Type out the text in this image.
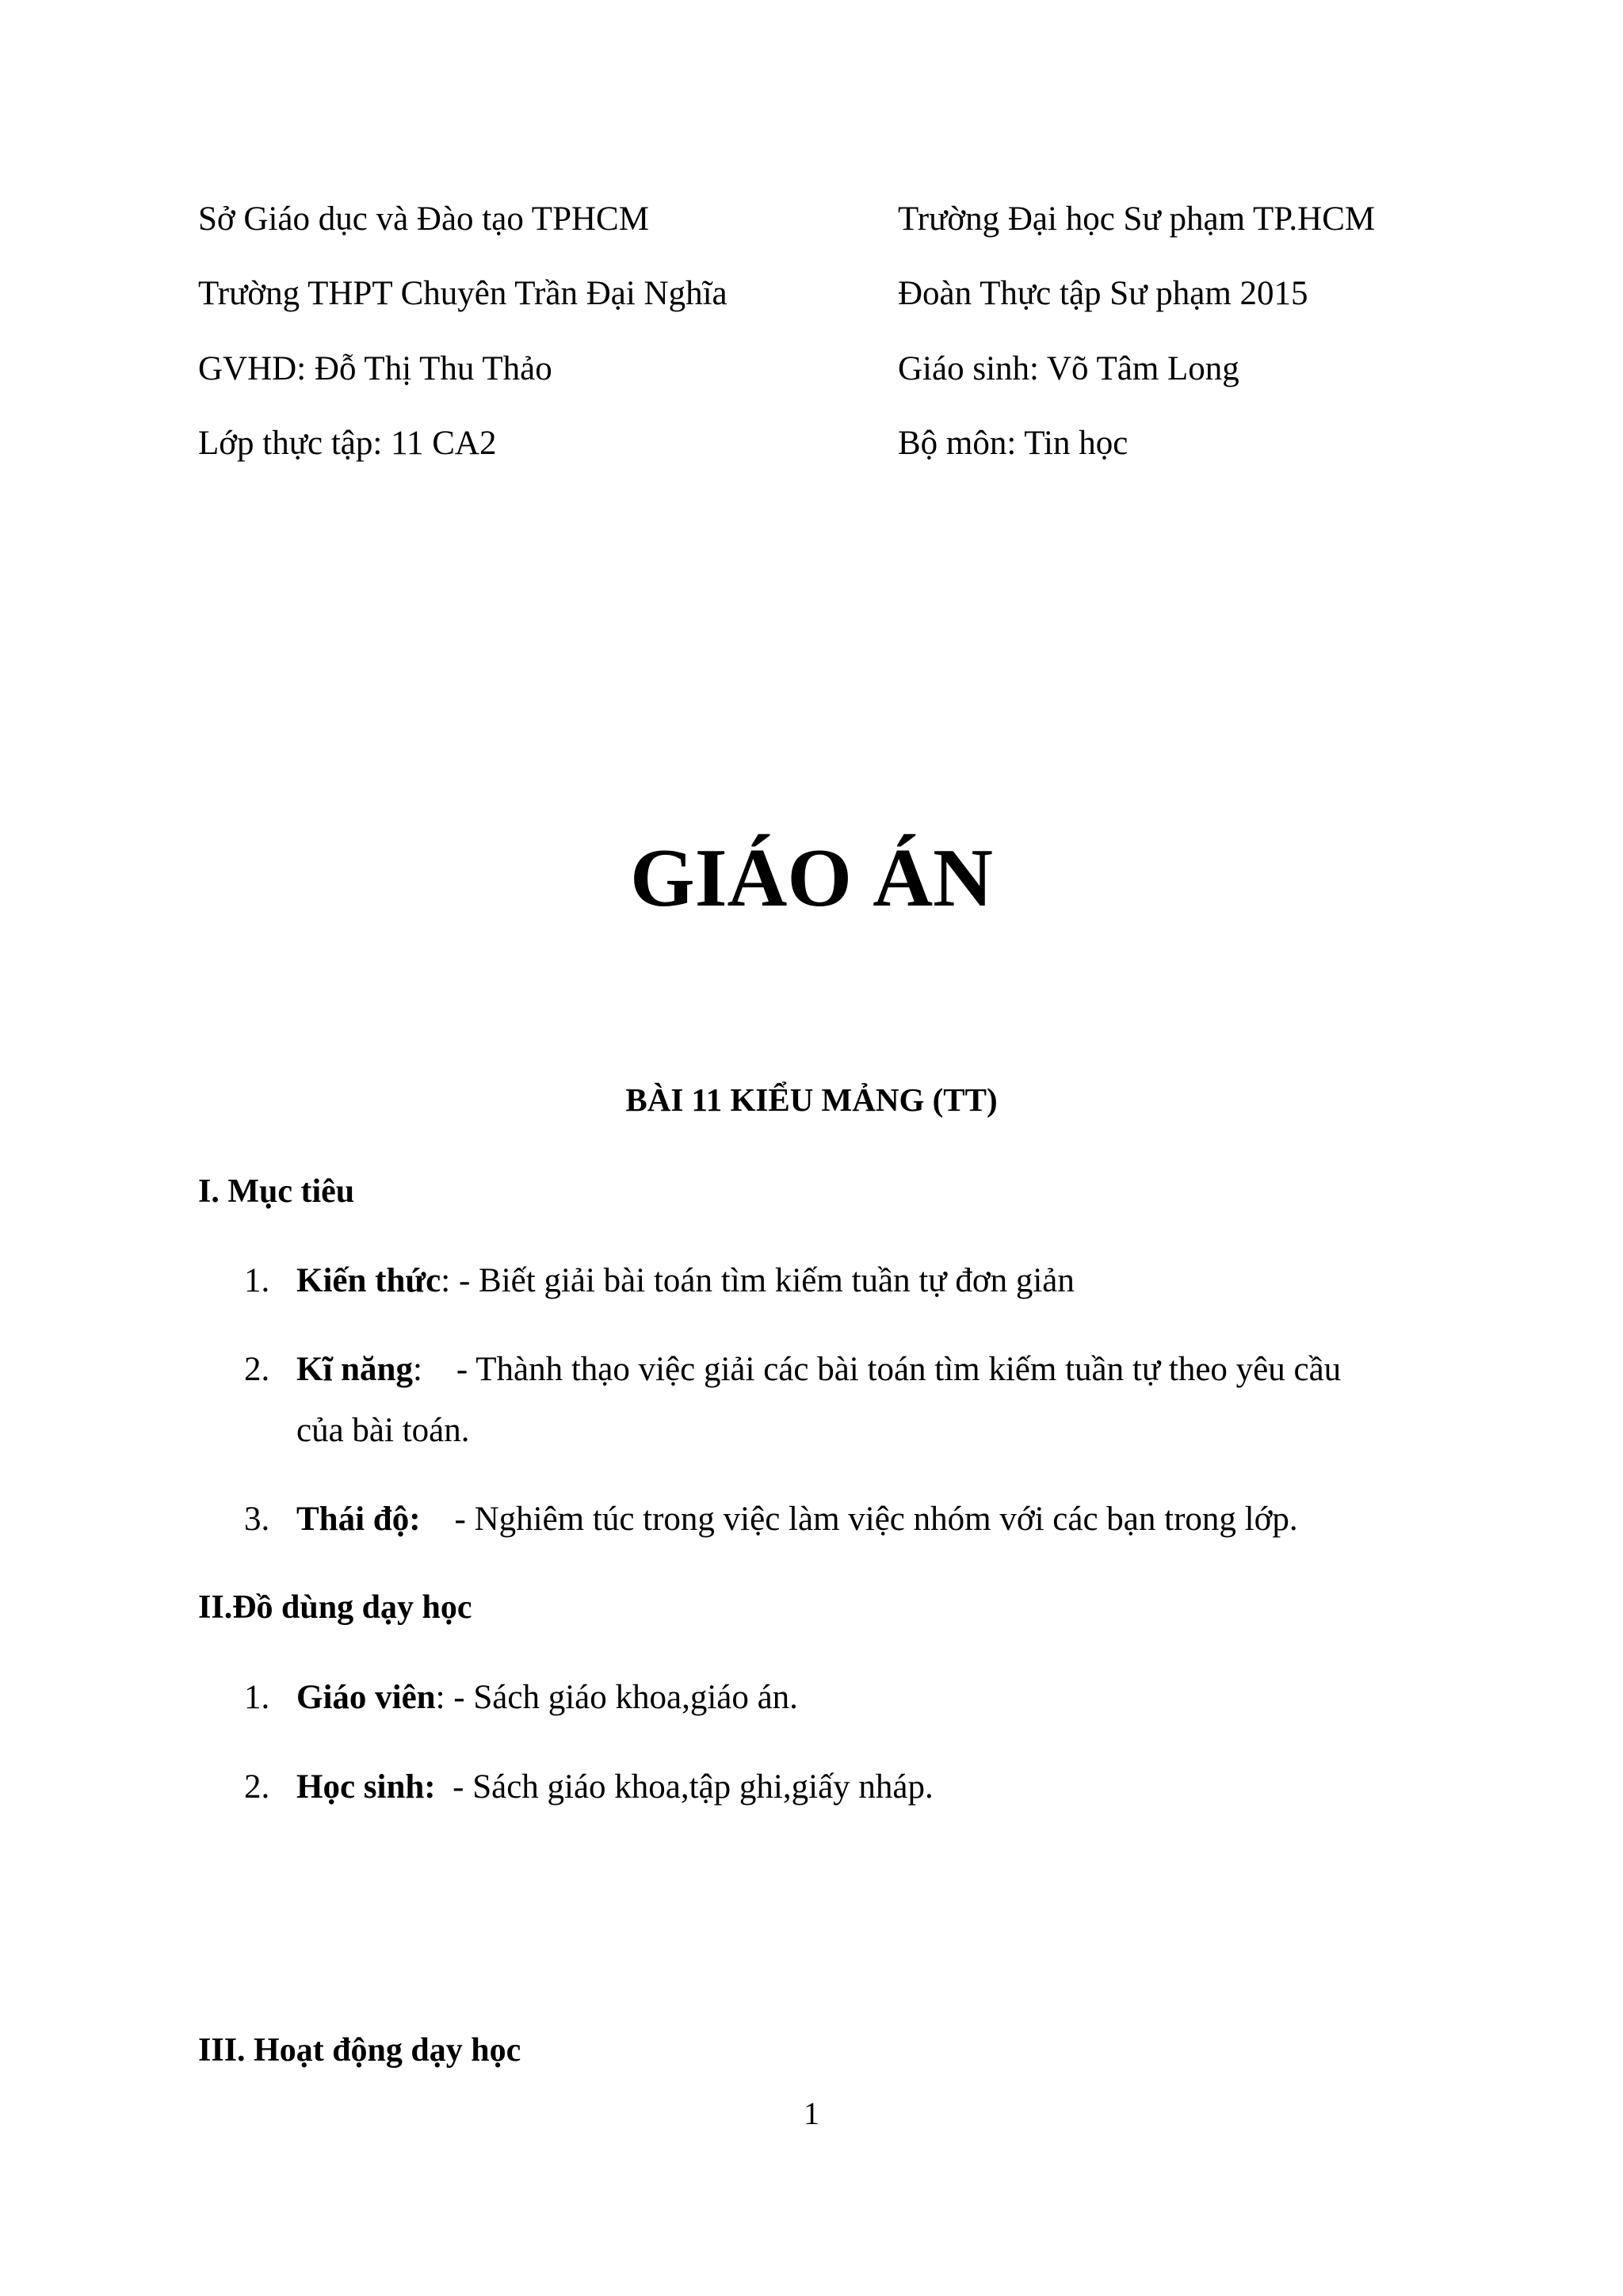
Sở Giáo dục và Đào tạo TPHCM
Trường THPT Chuyên Trần Đại Nghĩa
GVHD: Đỗ Thị Thu Thảo
Lớp thực tập: 11 CA2
Trường Đại học Sư phạm TP.HCM
Đoàn Thực tập Sư phạm 2015
Giáo sinh: Võ Tâm Long
Bộ môn: Tin học
GIÁO ÁN
BÀI 11 KIỂU MẢNG (TT)
I. Mục tiêu
1. Kiến thức: - Biết giải bài toán tìm kiếm tuần tự đơn giản
2. Kĩ năng:    - Thành thạo việc giải các bài toán tìm kiếm tuần tự theo yêu cầu
của bài toán.
3. Thái độ:    - Nghiêm túc trong việc làm việc nhóm với các bạn trong lớp.
II.Đồ dùng dạy học
1. Giáo viên: - Sách giáo khoa,giáo án.
2. Học sinh:  - Sách giáo khoa,tập ghi,giấy nháp.
III. Hoạt động dạy học
1
